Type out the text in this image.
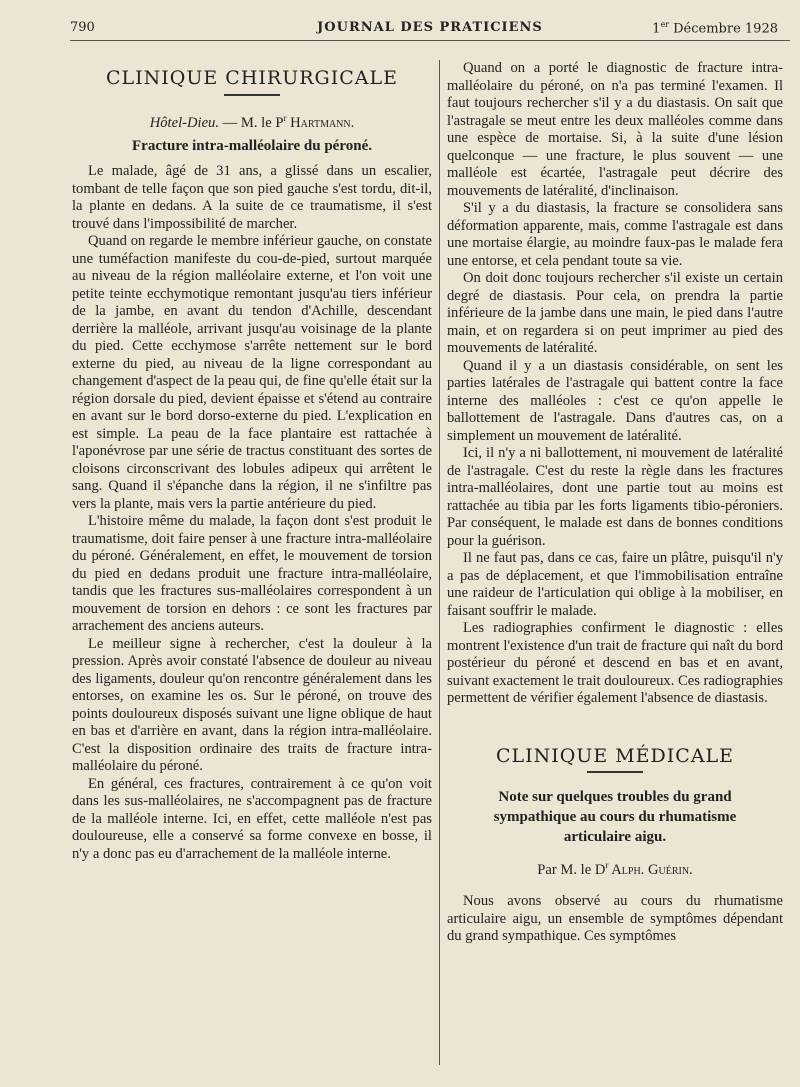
790	JOURNAL DES PRATICIENS	1er Décembre 1928
CLINIQUE CHIRURGICALE
Hôtel-Dieu. — M. le $P^r$ Hartmann.
Fracture intra-malléolaire du péroné.

Le malade, âgé de 31 ans, a glissé dans un escalier, tombant de telle façon que son pied gauche s'est tordu, dit-il, la plante en dedans. A la suite de ce traumatisme, il s'est trouvé dans l'impossibilité de marcher.

Quand on regarde le membre inférieur gauche, on constate une tuméfaction manifeste du cou-de-pied, surtout marquée au niveau de la région malléolaire externe, et l'on voit une petite teinte ecchymotique remontant jusqu'au tiers inférieur de la jambe, en avant du tendon d'Achille, descendant derrière la malléole, arrivant jusqu'au voisinage de la plante du pied. Cette ecchymose s'arrête nettement sur le bord externe du pied, au niveau de la ligne correspondant au changement d'aspect de la peau qui, de fine qu'elle était sur la région dorsale du pied, devient épaisse et s'étend au contraire en avant sur le bord dorso-externe du pied. L'explication en est simple. La peau de la face plantaire est rattachée à l'aponévrose par une série de tractus constituant des sortes de cloisons circonscrivant des lobules adipeux qui arrêtent le sang. Quand il s'épanche dans la région, il ne s'infiltre pas vers la plante, mais vers la partie antérieure du pied.

L'histoire même du malade, la façon dont s'est produit le traumatisme, doit faire penser à une fracture intra-malléolaire du péroné. Généralement, en effet, le mouvement de torsion du pied en dedans produit une fracture intra-malléolaire, tandis que les fractures sus-malléolaires correspondent à un mouvement de torsion en dehors : ce sont les fractures par arrachement des anciens auteurs.

Le meilleur signe à rechercher, c'est la douleur à la pression. Après avoir constaté l'absence de douleur au niveau des ligaments, douleur qu'on rencontre généralement dans les entorses, on examine les os. Sur le péroné, on trouve des points douloureux disposés suivant une ligne oblique de haut en bas et d'arrière en avant, dans la région intra-malléolaire. C'est la disposition ordinaire des traits de fracture intra-malléolaire du péroné.

En général, ces fractures, contrairement à ce qu'on voit dans les sus-malléolaires, ne s'accompagnent pas de fracture de la malléole interne. Ici, en effet, cette malléole n'est pas douloureuse, elle a conservé sa forme convexe en bosse, il n'y a donc pas eu d'arrachement de la malléole interne.

Quand on a porté le diagnostic de fracture intra-malléolaire du péroné, on n'a pas terminé l'examen. Il faut toujours rechercher s'il y a du diastasis. On sait que l'astragale se meut entre les deux malléoles comme dans une espèce de mortaise. Si, à la suite d'une lésion quelconque — une fracture, le plus souvent — une malléole est écartée, l'astragale peut décrire des mouvements de latéralité, d'inclinaison.

S'il y a du diastasis, la fracture se consolidera sans déformation apparente, mais, comme l'astragale est dans une mortaise élargie, au moindre faux-pas le malade fera une entorse, et cela pendant toute sa vie.

On doit donc toujours rechercher s'il existe un certain degré de diastasis. Pour cela, on prendra la partie inférieure de la jambe dans une main, le pied dans l'autre main, et on regardera si on peut imprimer au pied des mouvements de latéralité.

Quand il y a un diastasis considérable, on sent les parties latérales de l'astragale qui battent contre la face interne des malléoles : c'est ce qu'on appelle le ballottement de l'astragale. Dans d'autres cas, on a simplement un mouvement de latéralité.

Ici, il n'y a ni ballottement, ni mouvement de latéralité de l'astragale. C'est du reste la règle dans les fractures intra-malléolaires, dont une partie tout au moins est rattachée au tibia par les forts ligaments tibio-péroniers. Par conséquent, le malade est dans de bonnes conditions pour la guérison.

Il ne faut pas, dans ce cas, faire un plâtre, puisqu'il n'y a pas de déplacement, et que l'immobilisation entraîne une raideur de l'articulation qui oblige à la mobiliser, en faisant souffrir le malade.

Les radiographies confirment le diagnostic : elles montrent l'existence d'un trait de fracture qui naît du bord postérieur du péroné et descend en bas et en avant, suivant exactement le trait douloureux. Ces radiographies permettent de vérifier également l'absence de diastasis.

CLINIQUE MÉDICALE
Note sur quelques troubles du grand
sympathique au cours du rhumatisme
articulaire aigu.
Par M. le $D^r$ Alph. Guérin.

Nous avons observé au cours du rhumatisme articulaire aigu, un ensemble de symptômes dépendant du grand sympathique. Ces symptômes
